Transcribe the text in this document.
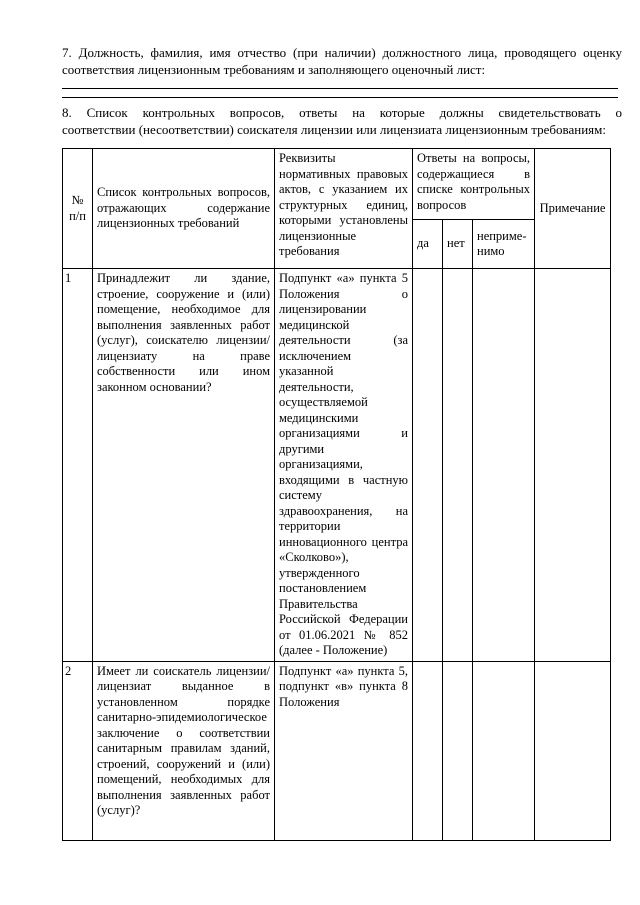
7. Должность, фамилия, имя отчество (при наличии) должностного лица, проводящего оценку
соответствия лицензионным требованиям и заполняющего оценочный лист:
8. Список контрольных вопросов, ответы на которые должны свидетельствовать о
соответствии (несоответствии) соискателя лицензии или лицензиата лицензионным требованиям:
№ п/п	Список контрольных вопросов, отражающих содержание лицензионных требований	Реквизиты нормативных правовых актов, с указанием их структурных единиц, которыми установлены лицензионные требования	Ответы на вопросы, содержащиеся в списке контрольных вопросов			Примечание
			да	нет	неприме-нимо	
1	Принадлежит ли здание, строение, сооружение и (или) помещение, необходимое для выполнения заявленных работ (услуг), соискателю лицензии/лицензиату на праве собственности или ином законном основании?	Подпункт «а» пункта 5 Положения о лицензировании медицинской деятельности (за исключением указанной деятельности, осуществляемой медицинскими организациями и другими организациями, входящими в частную систему здравоохранения, на территории инновационного центра «Сколково»), утвержденного постановлением Правительства Российской Федерации от 01.06.2021 № 852 (далее - Положение)				
2	Имеет ли соискатель лицензии/лицензиат выданное в установленном порядке санитарно-эпидемиологическое заключение о соответствии санитарным правилам зданий, строений, сооружений и (или) помещений, необходимых для выполнения заявленных работ (услуг)?	Подпункт «а» пункта 5, подпункт «в» пункта 8 Положения				
